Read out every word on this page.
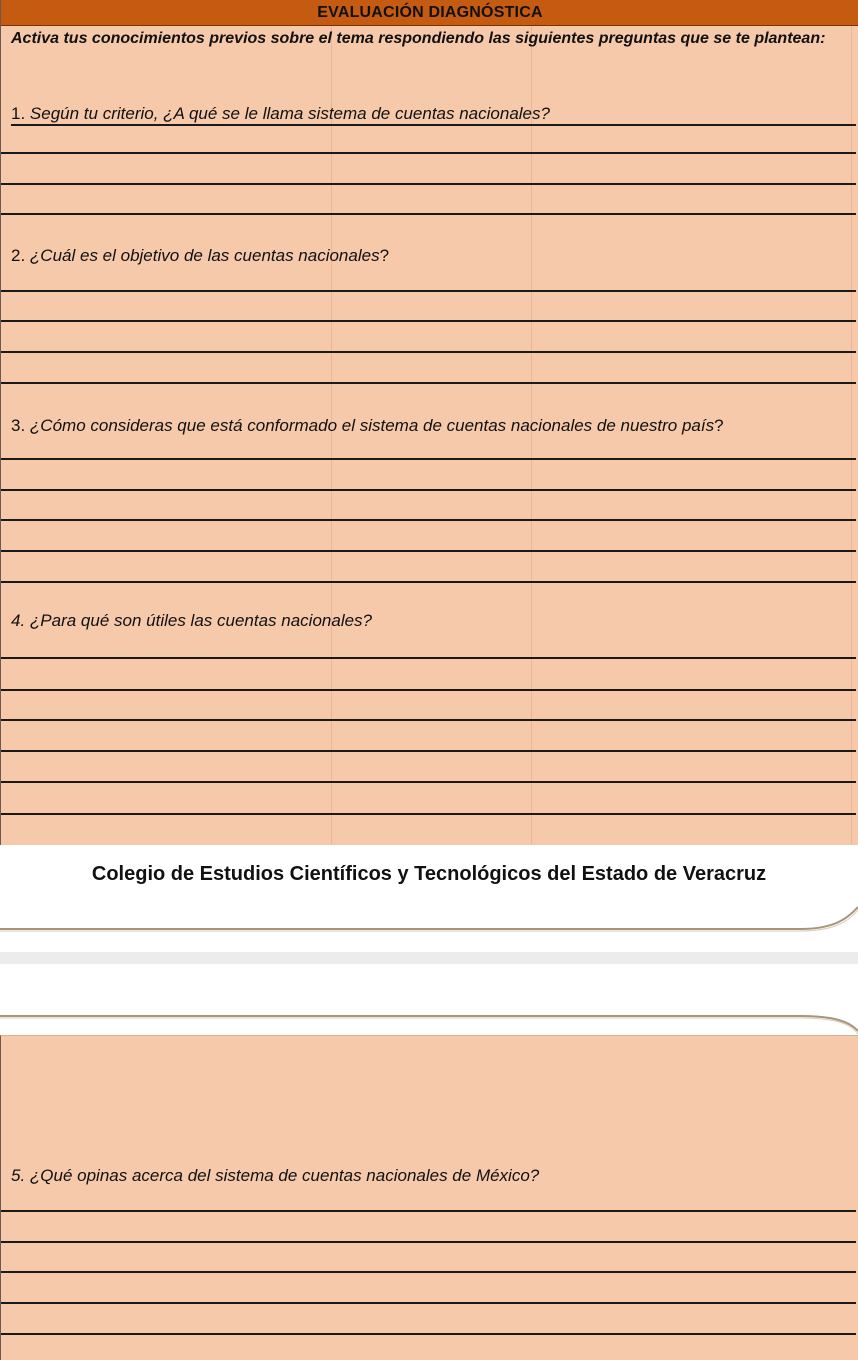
EVALUACIÓN DIAGNÓSTICA
Activa tus conocimientos previos sobre el tema respondiendo las siguientes preguntas que se te plantean:
1. Según tu criterio, ¿A qué se le llama sistema de cuentas nacionales?
2. ¿Cuál es el objetivo de las cuentas nacionales?
3. ¿Cómo consideras que está conformado el sistema de cuentas nacionales de nuestro país?
4. ¿Para qué son útiles las cuentas nacionales?
Colegio de Estudios Científicos y Tecnológicos del Estado de Veracruz
5. ¿Qué opinas acerca del sistema de cuentas nacionales de México?
